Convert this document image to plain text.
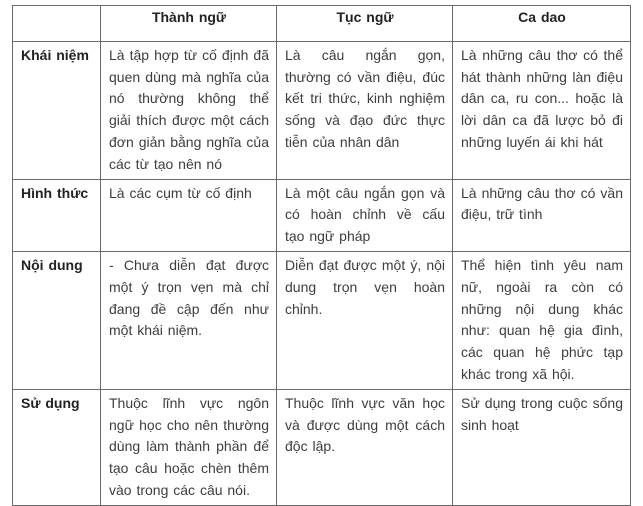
	Thành ngữ	Tục ngữ	Ca dao
Khái niệm	Là tập hợp từ cố định đã quen dùng mà nghĩa của nó thường không thể giải thích được một cách đơn giản bằng nghĩa của các từ tạo nên nó	Là câu ngắn gọn, thường có vần điệu, đúc kết tri thức, kinh nghiệm sống và đạo đức thực tiễn của nhân dân	Là những câu thơ có thể hát thành những làn điệu dân ca, ru con... hoặc là lời dân ca đã lược bỏ đi những luyến ái khi hát
Hình thức	Là các cụm từ cố định	Là một câu ngắn gọn và có hoàn chỉnh về cấu tạo ngữ pháp	Là những câu thơ có vần điệu, trữ tình
Nội dung	- Chưa diễn đạt được một ý trọn vẹn mà chỉ đang đề cập đến như một khái niệm.	Diễn đạt được một ý, nội dung trọn vẹn hoàn chỉnh.	Thể hiện tình yêu nam nữ, ngoài ra còn có những nội dung khác như: quan hệ gia đình, các quan hệ phức tạp khác trong xã hội.
Sử dụng	Thuộc lĩnh vực ngôn ngữ học cho nên thường dùng làm thành phần để tạo câu hoặc chèn thêm vào trong các câu nói.	Thuộc lĩnh vực văn học và được dùng một cách độc lập.	Sử dụng trong cuộc sống sinh hoạt
